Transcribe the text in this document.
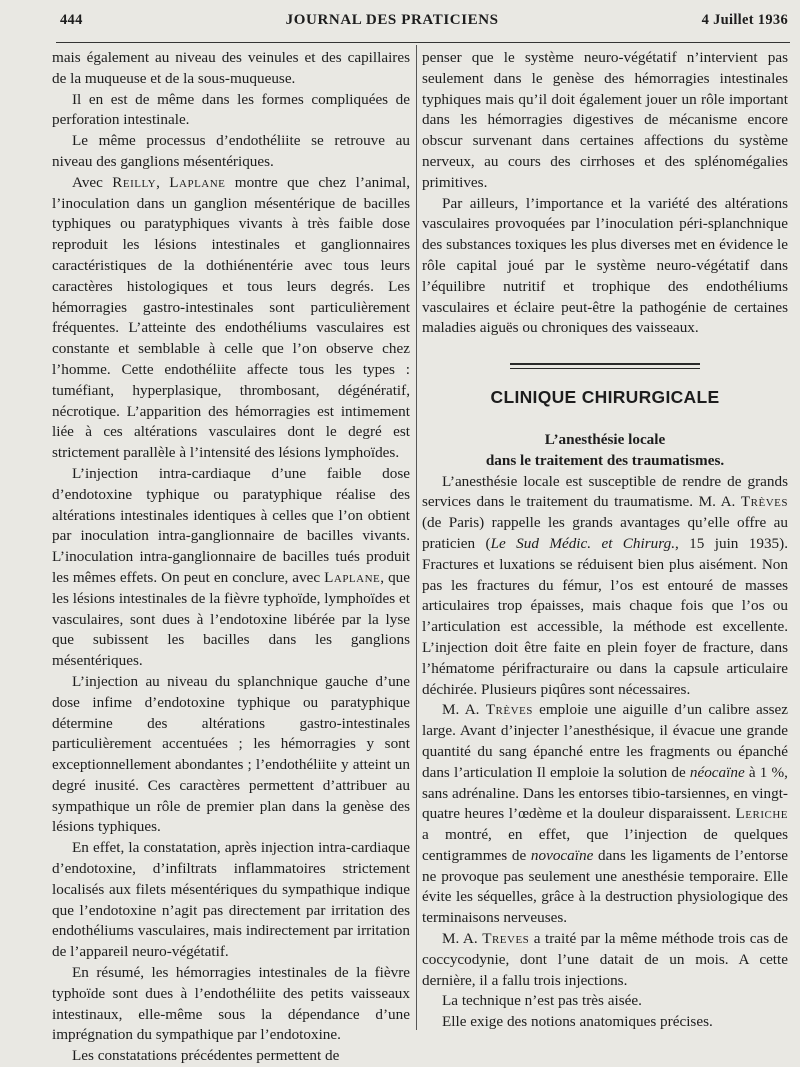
444	JOURNAL DES PRATICIENS	4 Juillet 1936

mais également au niveau des veinules et des capillaires de la muqueuse et de la sous-muqueuse.

Il en est de même dans les formes compliquées de perforation intestinale.

Le même processus d’endothéliite se retrouve au niveau des ganglions mésentériques.

Avec Reilly, Laplane montre que chez l’animal, l’inoculation dans un ganglion mésentérique de bacilles typhiques ou paratyphiques vivants à très faible dose reproduit les lésions intestinales et ganglionnaires caractéristiques de la dothiénentérie avec tous leurs caractères histologiques et tous leurs degrés. Les hémorragies gastro-intestinales sont particulièrement fréquentes. L’atteinte des endothéliums vasculaires est constante et semblable à celle que l’on observe chez l’homme. Cette endothéliite affecte tous les types : tuméfiant, hyperplasique, thrombosant, dégénératif, nécrotique. L’apparition des hémorragies est intimement liée à ces altérations vasculaires dont le degré est strictement parallèle à l’intensité des lésions lymphoïdes.

L’injection intra-cardiaque d’une faible dose d’endotoxine typhique ou paratyphique réalise des altérations intestinales identiques à celles que l’on obtient par inoculation intra-ganglionnaire de bacilles vivants. L’inoculation intra-ganglionnaire de bacilles tués produit les mêmes effets. On peut en conclure, avec Laplane, que les lésions intestinales de la fièvre typhoïde, lymphoïdes et vasculaires, sont dues à l’endotoxine libérée par la lyse que subissent les bacilles dans les ganglions mésentériques.

L’injection au niveau du splanchnique gauche d’une dose infime d’endotoxine typhique ou paratyphique détermine des altérations gastro-intestinales particulièrement accentuées ; les hémorragies y sont exceptionnellement abondantes ; l’endothéliite y atteint un degré inusité. Ces caractères permettent d’attribuer au sympathique un rôle de premier plan dans la genèse des lésions typhiques.

En effet, la constatation, après injection intra-cardiaque d’endotoxine, d’infiltrats inflammatoires strictement localisés aux filets mésentériques du sympathique indique que l’endotoxine n’agit pas directement par irritation des endothéliums vasculaires, mais indirectement par irritation de l’appareil neuro-végétatif.

En résumé, les hémorragies intestinales de la fièvre typhoïde sont dues à l’endothéliite des petits vaisseaux intestinaux, elle-même sous la dépendance d’une imprégnation du sympathique par l’endotoxine.

Les constatations précédentes permettent de

penser que le système neuro-végétatif n’intervient pas seulement dans le genèse des hémorragies intestinales typhiques mais qu’il doit également jouer un rôle important dans les hémorragies digestives de mécanisme encore obscur survenant dans certaines affections du système nerveux, au cours des cirrhoses et des splénomégalies primitives.

Par ailleurs, l’importance et la variété des altérations vasculaires provoquées par l’inoculation péri-splanchnique des substances toxiques les plus diverses met en évidence le rôle capital joué par le système neuro-végétatif dans l’équilibre nutritif et trophique des endothéliums vasculaires et éclaire peut-être la pathogénie de certaines maladies aiguës ou chroniques des vaisseaux.

CLINIQUE CHIRURGICALE
L’anesthésie locale
dans le traitement des traumatismes.

L’anesthésie locale est susceptible de rendre de grands services dans le traitement du traumatisme. M. A. Trèves (de Paris) rappelle les grands avantages qu’elle offre au praticien (Le Sud Médic. et Chirurg., 15 juin 1935). Fractures et luxations se réduisent bien plus aisément. Non pas les fractures du fémur, l’os est entouré de masses articulaires trop épaisses, mais chaque fois que l’os ou l’articulation est accessible, la méthode est excellente. L’injection doit être faite en plein foyer de fracture, dans l’hématome périfracturaire ou dans la capsule articulaire déchirée. Plusieurs piqûres sont nécessaires.

M. A. Trèves emploie une aiguille d’un calibre assez large. Avant d’injecter l’anesthésique, il évacue une grande quantité du sang épanché entre les fragments ou épanché dans l’articulation Il emploie la solution de néocaïne à 1 %, sans adrénaline. Dans les entorses tibio-tarsiennes, en vingt-quatre heures l’œdème et la douleur disparaissent. Leriche a montré, en effet, que l’injection de quelques centigrammes de novocaïne dans les ligaments de l’entorse ne provoque pas seulement une anesthésie temporaire. Elle évite les séquelles, grâce à la destruction physiologique des terminaisons nerveuses.

M. A. Treves a traité par la même méthode trois cas de coccycodynie, dont l’une datait de un mois. A cette dernière, il a fallu trois injections.

La technique n’est pas très aisée.

Elle exige des notions anatomiques précises.
